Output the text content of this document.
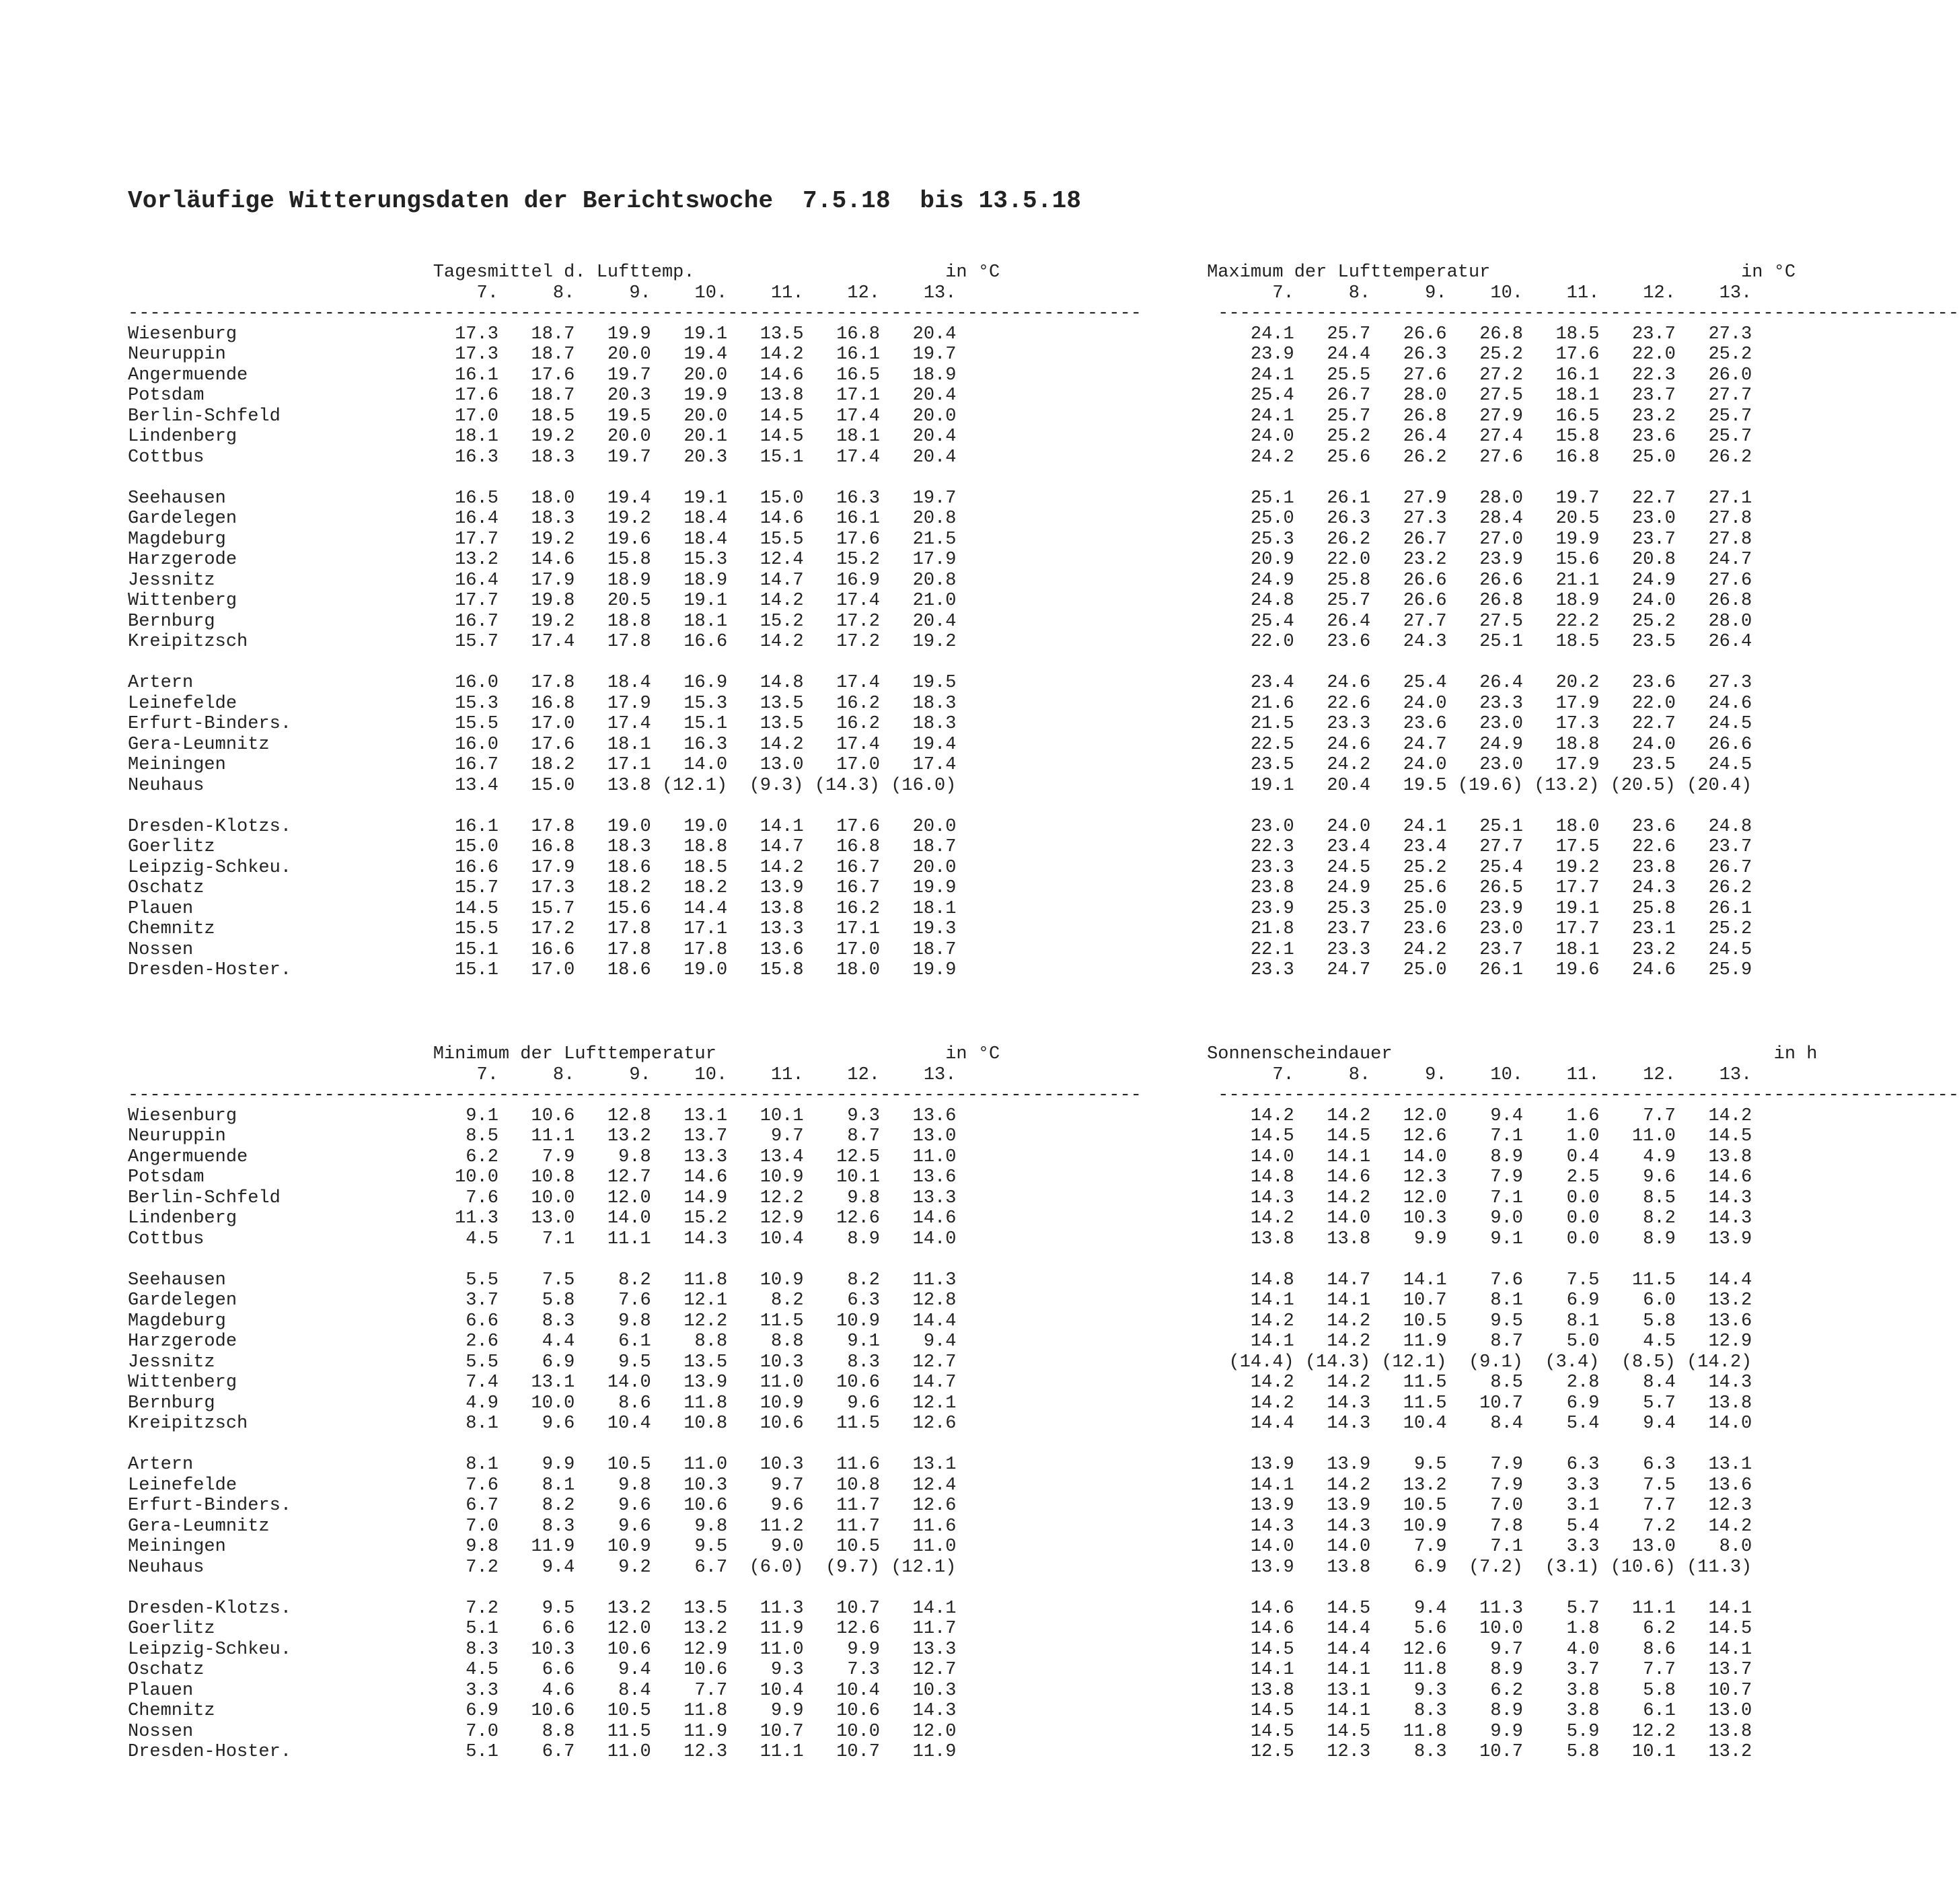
Vorläufige Witterungsdaten der Berichtswoche  7.5.18  bis 13.5.18
Tagesmittel d. Lufttemp.	in °C	Maximum der Lufttemperatur	in °C
7.     8.     9.    10.    11.    12.    13.	7.     8.     9.    10.    11.    12.    13.
---------------------------------------------------------------------------------------------       --------------------------------------------------------------------
Wiesenburg                    17.3   18.7   19.9   19.1   13.5   16.8   20.4	24.1   25.7   26.6   26.8   18.5   23.7   27.3
Neuruppin                     17.3   18.7   20.0   19.4   14.2   16.1   19.7	23.9   24.4   26.3   25.2   17.6   22.0   25.2
Angermuende                   16.1   17.6   19.7   20.0   14.6   16.5   18.9	24.1   25.5   27.6   27.2   16.1   22.3   26.0
Potsdam                       17.6   18.7   20.3   19.9   13.8   17.1   20.4	25.4   26.7   28.0   27.5   18.1   23.7   27.7
Berlin-Schfeld                17.0   18.5   19.5   20.0   14.5   17.4   20.0	24.1   25.7   26.8   27.9   16.5   23.2   25.7
Lindenberg                    18.1   19.2   20.0   20.1   14.5   18.1   20.4	24.0   25.2   26.4   27.4   15.8   23.6   25.7
Cottbus                       16.3   18.3   19.7   20.3   15.1   17.4   20.4	24.2   25.6   26.2   27.6   16.8   25.0   26.2

Seehausen                     16.5   18.0   19.4   19.1   15.0   16.3   19.7	25.1   26.1   27.9   28.0   19.7   22.7   27.1
Gardelegen                    16.4   18.3   19.2   18.4   14.6   16.1   20.8	25.0   26.3   27.3   28.4   20.5   23.0   27.8
Magdeburg                     17.7   19.2   19.6   18.4   15.5   17.6   21.5	25.3   26.2   26.7   27.0   19.9   23.7   27.8
Harzgerode                    13.2   14.6   15.8   15.3   12.4   15.2   17.9	20.9   22.0   23.2   23.9   15.6   20.8   24.7
Jessnitz                      16.4   17.9   18.9   18.9   14.7   16.9   20.8	24.9   25.8   26.6   26.6   21.1   24.9   27.6
Wittenberg                    17.7   19.8   20.5   19.1   14.2   17.4   21.0	24.8   25.7   26.6   26.8   18.9   24.0   26.8
Bernburg                      16.7   19.2   18.8   18.1   15.2   17.2   20.4	25.4   26.4   27.7   27.5   22.2   25.2   28.0
Kreipitzsch                   15.7   17.4   17.8   16.6   14.2   17.2   19.2	22.0   23.6   24.3   25.1   18.5   23.5   26.4

Artern                        16.0   17.8   18.4   16.9   14.8   17.4   19.5	23.4   24.6   25.4   26.4   20.2   23.6   27.3
Leinefelde                    15.3   16.8   17.9   15.3   13.5   16.2   18.3	21.6   22.6   24.0   23.3   17.9   22.0   24.6
Erfurt-Binders.               15.5   17.0   17.4   15.1   13.5   16.2   18.3	21.5   23.3   23.6   23.0   17.3   22.7   24.5
Gera-Leumnitz                 16.0   17.6   18.1   16.3   14.2   17.4   19.4	22.5   24.6   24.7   24.9   18.8   24.0   26.6
Meiningen                     16.7   18.2   17.1   14.0   13.0   17.0   17.4	23.5   24.2   24.0   23.0   17.9   23.5   24.5
Neuhaus                       13.4   15.0   13.8 (12.1)  (9.3) (14.3) (16.0)	19.1   20.4   19.5 (19.6) (13.2) (20.5) (20.4)

Dresden-Klotzs.               16.1   17.8   19.0   19.0   14.1   17.6   20.0	23.0   24.0   24.1   25.1   18.0   23.6   24.8
Goerlitz                      15.0   16.8   18.3   18.8   14.7   16.8   18.7	22.3   23.4   23.4   27.7   17.5   22.6   23.7
Leipzig-Schkeu.               16.6   17.9   18.6   18.5   14.2   16.7   20.0	23.3   24.5   25.2   25.4   19.2   23.8   26.7
Oschatz                       15.7   17.3   18.2   18.2   13.9   16.7   19.9	23.8   24.9   25.6   26.5   17.7   24.3   26.2
Plauen                        14.5   15.7   15.6   14.4   13.8   16.2   18.1	23.9   25.3   25.0   23.9   19.1   25.8   26.1
Chemnitz                      15.5   17.2   17.8   17.1   13.3   17.1   19.3	21.8   23.7   23.6   23.0   17.7   23.1   25.2
Nossen                        15.1   16.6   17.8   17.8   13.6   17.0   18.7	22.1   23.3   24.2   23.7   18.1   23.2   24.5
Dresden-Hoster.               15.1   17.0   18.6   19.0   15.8   18.0   19.9	23.3   24.7   25.0   26.1   19.6   24.6   25.9
Minimum der Lufttemperatur	in °C	Sonnenscheindauer	in h
7.     8.     9.    10.    11.    12.    13.	7.     8.     9.    10.    11.    12.    13.
---------------------------------------------------------------------------------------------       --------------------------------------------------------------------
Wiesenburg                     9.1   10.6   12.8   13.1   10.1    9.3   13.6	14.2   14.2   12.0    9.4    1.6    7.7   14.2
Neuruppin                      8.5   11.1   13.2   13.7    9.7    8.7   13.0	14.5   14.5   12.6    7.1    1.0   11.0   14.5
Angermuende                    6.2    7.9    9.8   13.3   13.4   12.5   11.0	14.0   14.1   14.0    8.9    0.4    4.9   13.8
Potsdam                       10.0   10.8   12.7   14.6   10.9   10.1   13.6	14.8   14.6   12.3    7.9    2.5    9.6   14.6
Berlin-Schfeld                 7.6   10.0   12.0   14.9   12.2    9.8   13.3	14.3   14.2   12.0    7.1    0.0    8.5   14.3
Lindenberg                    11.3   13.0   14.0   15.2   12.9   12.6   14.6	14.2   14.0   10.3    9.0    0.0    8.2   14.3
Cottbus                        4.5    7.1   11.1   14.3   10.4    8.9   14.0	13.8   13.8    9.9    9.1    0.0    8.9   13.9

Seehausen                      5.5    7.5    8.2   11.8   10.9    8.2   11.3	14.8   14.7   14.1    7.6    7.5   11.5   14.4
Gardelegen                     3.7    5.8    7.6   12.1    8.2    6.3   12.8	14.1   14.1   10.7    8.1    6.9    6.0   13.2
Magdeburg                      6.6    8.3    9.8   12.2   11.5   10.9   14.4	14.2   14.2   10.5    9.5    8.1    5.8   13.6
Harzgerode                     2.6    4.4    6.1    8.8    8.8    9.1    9.4	14.1   14.2   11.9    8.7    5.0    4.5   12.9
Jessnitz                       5.5    6.9    9.5   13.5   10.3    8.3   12.7	(14.4) (14.3) (12.1)  (9.1)  (3.4)  (8.5) (14.2)
Wittenberg                     7.4   13.1   14.0   13.9   11.0   10.6   14.7	14.2   14.2   11.5    8.5    2.8    8.4   14.3
Bernburg                       4.9   10.0    8.6   11.8   10.9    9.6   12.1	14.2   14.3   11.5   10.7    6.9    5.7   13.8
Kreipitzsch                    8.1    9.6   10.4   10.8   10.6   11.5   12.6	14.4   14.3   10.4    8.4    5.4    9.4   14.0

Artern                         8.1    9.9   10.5   11.0   10.3   11.6   13.1	13.9   13.9    9.5    7.9    6.3    6.3   13.1
Leinefelde                     7.6    8.1    9.8   10.3    9.7   10.8   12.4	14.1   14.2   13.2    7.9    3.3    7.5   13.6
Erfurt-Binders.                6.7    8.2    9.6   10.6    9.6   11.7   12.6	13.9   13.9   10.5    7.0    3.1    7.7   12.3
Gera-Leumnitz                  7.0    8.3    9.6    9.8   11.2   11.7   11.6	14.3   14.3   10.9    7.8    5.4    7.2   14.2
Meiningen                      9.8   11.9   10.9    9.5    9.0   10.5   11.0	14.0   14.0    7.9    7.1    3.3   13.0    8.0
Neuhaus                        7.2    9.4    9.2    6.7  (6.0)  (9.7) (12.1)	13.9   13.8    6.9  (7.2)  (3.1) (10.6) (11.3)

Dresden-Klotzs.                7.2    9.5   13.2   13.5   11.3   10.7   14.1	14.6   14.5    9.4   11.3    5.7   11.1   14.1
Goerlitz                       5.1    6.6   12.0   13.2   11.9   12.6   11.7	14.6   14.4    5.6   10.0    1.8    6.2   14.5
Leipzig-Schkeu.                8.3   10.3   10.6   12.9   11.0    9.9   13.3	14.5   14.4   12.6    9.7    4.0    8.6   14.1
Oschatz                        4.5    6.6    9.4   10.6    9.3    7.3   12.7	14.1   14.1   11.8    8.9    3.7    7.7   13.7
Plauen                         3.3    4.6    8.4    7.7   10.4   10.4   10.3	13.8   13.1    9.3    6.2    3.8    5.8   10.7
Chemnitz                       6.9   10.6   10.5   11.8    9.9   10.6   14.3	14.5   14.1    8.3    8.9    3.8    6.1   13.0
Nossen                         7.0    8.8   11.5   11.9   10.7   10.0   12.0	14.5   14.5   11.8    9.9    5.9   12.2   13.8
Dresden-Hoster.                5.1    6.7   11.0   12.3   11.1   10.7   11.9	12.5   12.3    8.3   10.7    5.8   10.1   13.2
